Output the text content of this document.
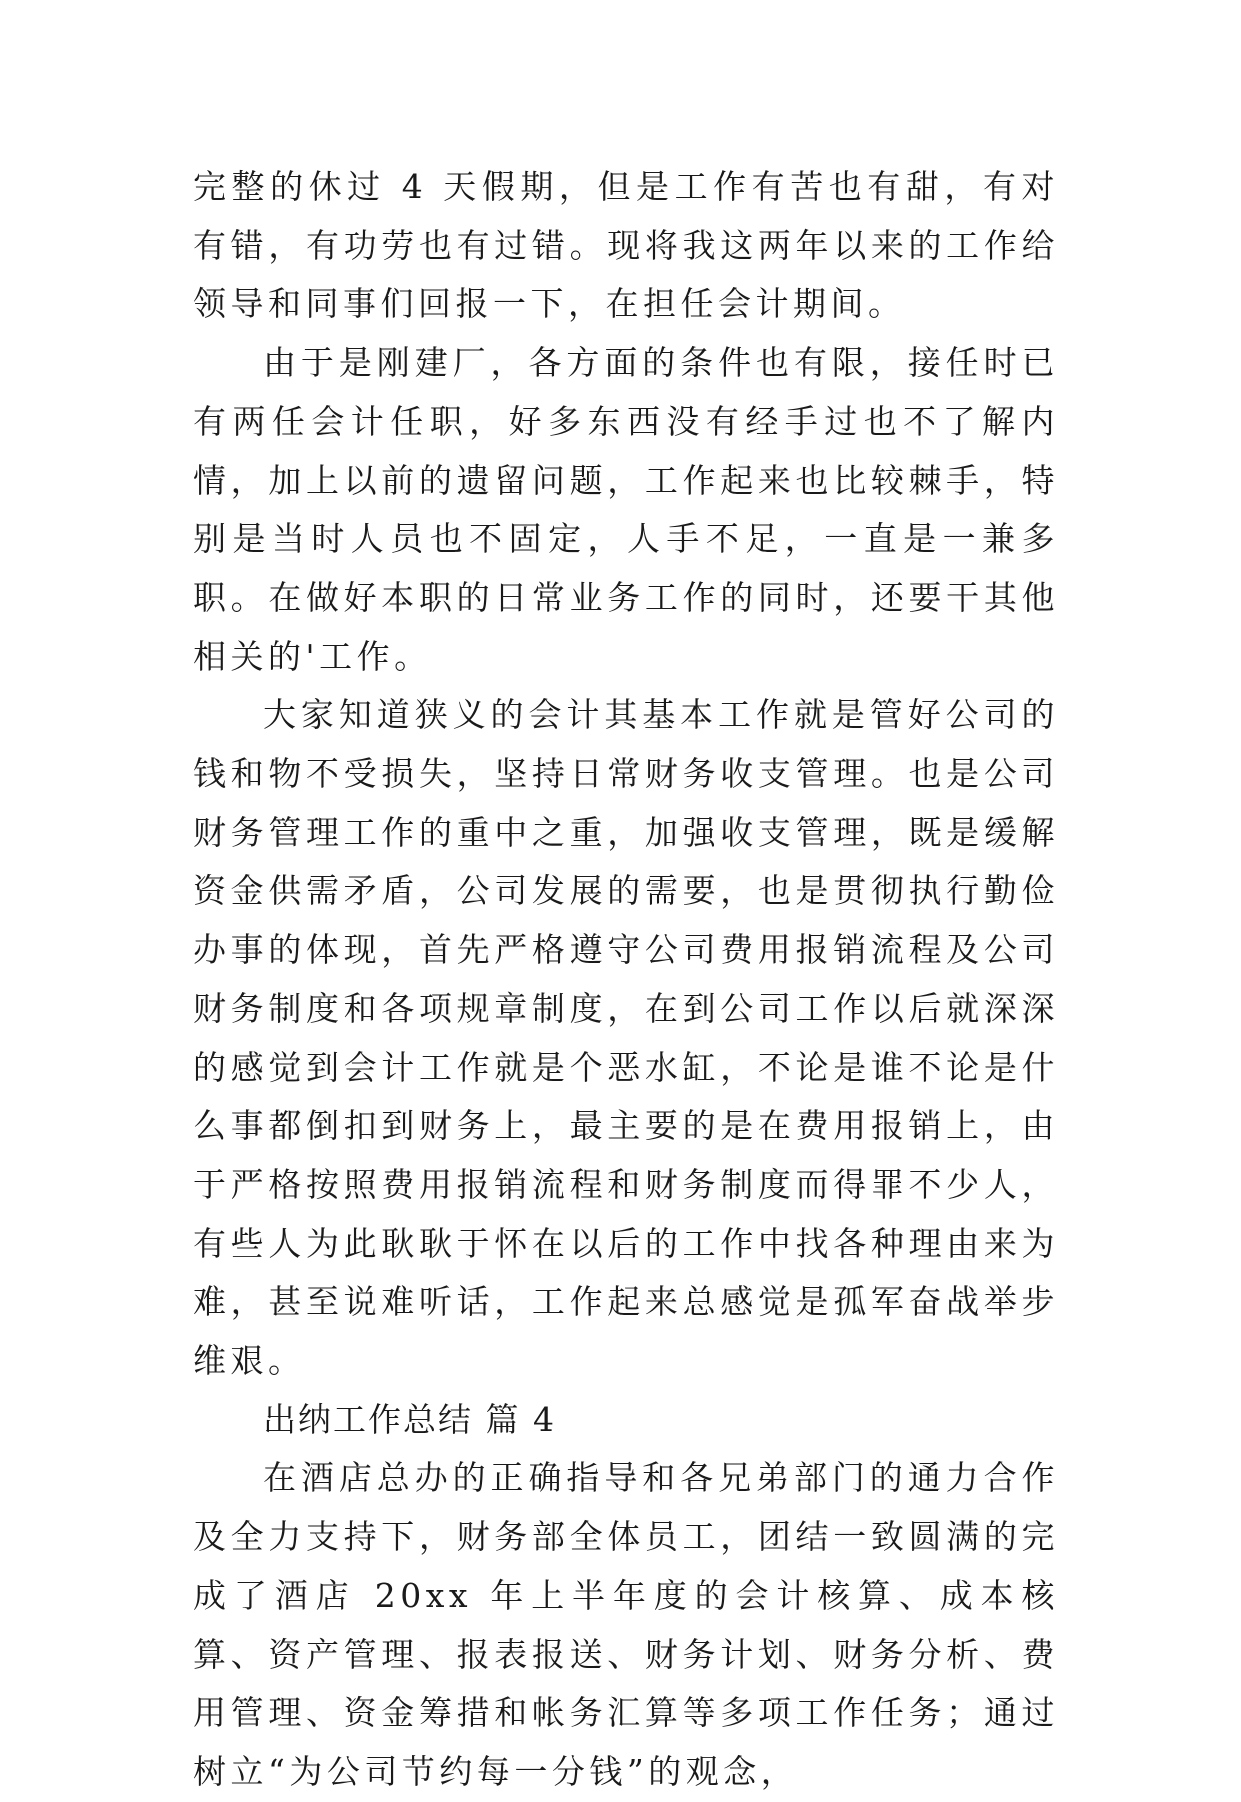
完整的休过 4 天假期，但是工作有苦也有甜，有对有错，有功劳也有过错。现将我这两年以来的工作给领导和同事们回报一下，在担任会计期间。

由于是刚建厂，各方面的条件也有限，接任时已有两任会计任职，好多东西没有经手过也不了解内情，加上以前的遗留问题，工作起来也比较棘手，特别是当时人员也不固定，人手不足，一直是一兼多职。在做好本职的日常业务工作的同时，还要干其他相关的'工作。

大家知道狭义的会计其基本工作就是管好公司的钱和物不受损失，坚持日常财务收支管理。也是公司财务管理工作的重中之重，加强收支管理，既是缓解资金供需矛盾，公司发展的需要，也是贯彻执行勤俭办事的体现，首先严格遵守公司费用报销流程及公司财务制度和各项规章制度，在到公司工作以后就深深的感觉到会计工作就是个恶水缸，不论是谁不论是什么事都倒扣到财务上，最主要的是在费用报销上，由于严格按照费用报销流程和财务制度而得罪不少人，有些人为此耿耿于怀在以后的工作中找各种理由来为难，甚至说难听话，工作起来总感觉是孤军奋战举步维艰。

出纳工作总结 篇 4

在酒店总办的正确指导和各兄弟部门的通力合作及全力支持下，财务部全体员工，团结一致圆满的完成了酒店 20xx 年上半年度的会计核算、成本核算、资产管理、报表报送、财务计划、财务分析、费用管理、资金筹措和帐务汇算等多项工作任务；通过树立“为公司节约每一分钱”的观念，
